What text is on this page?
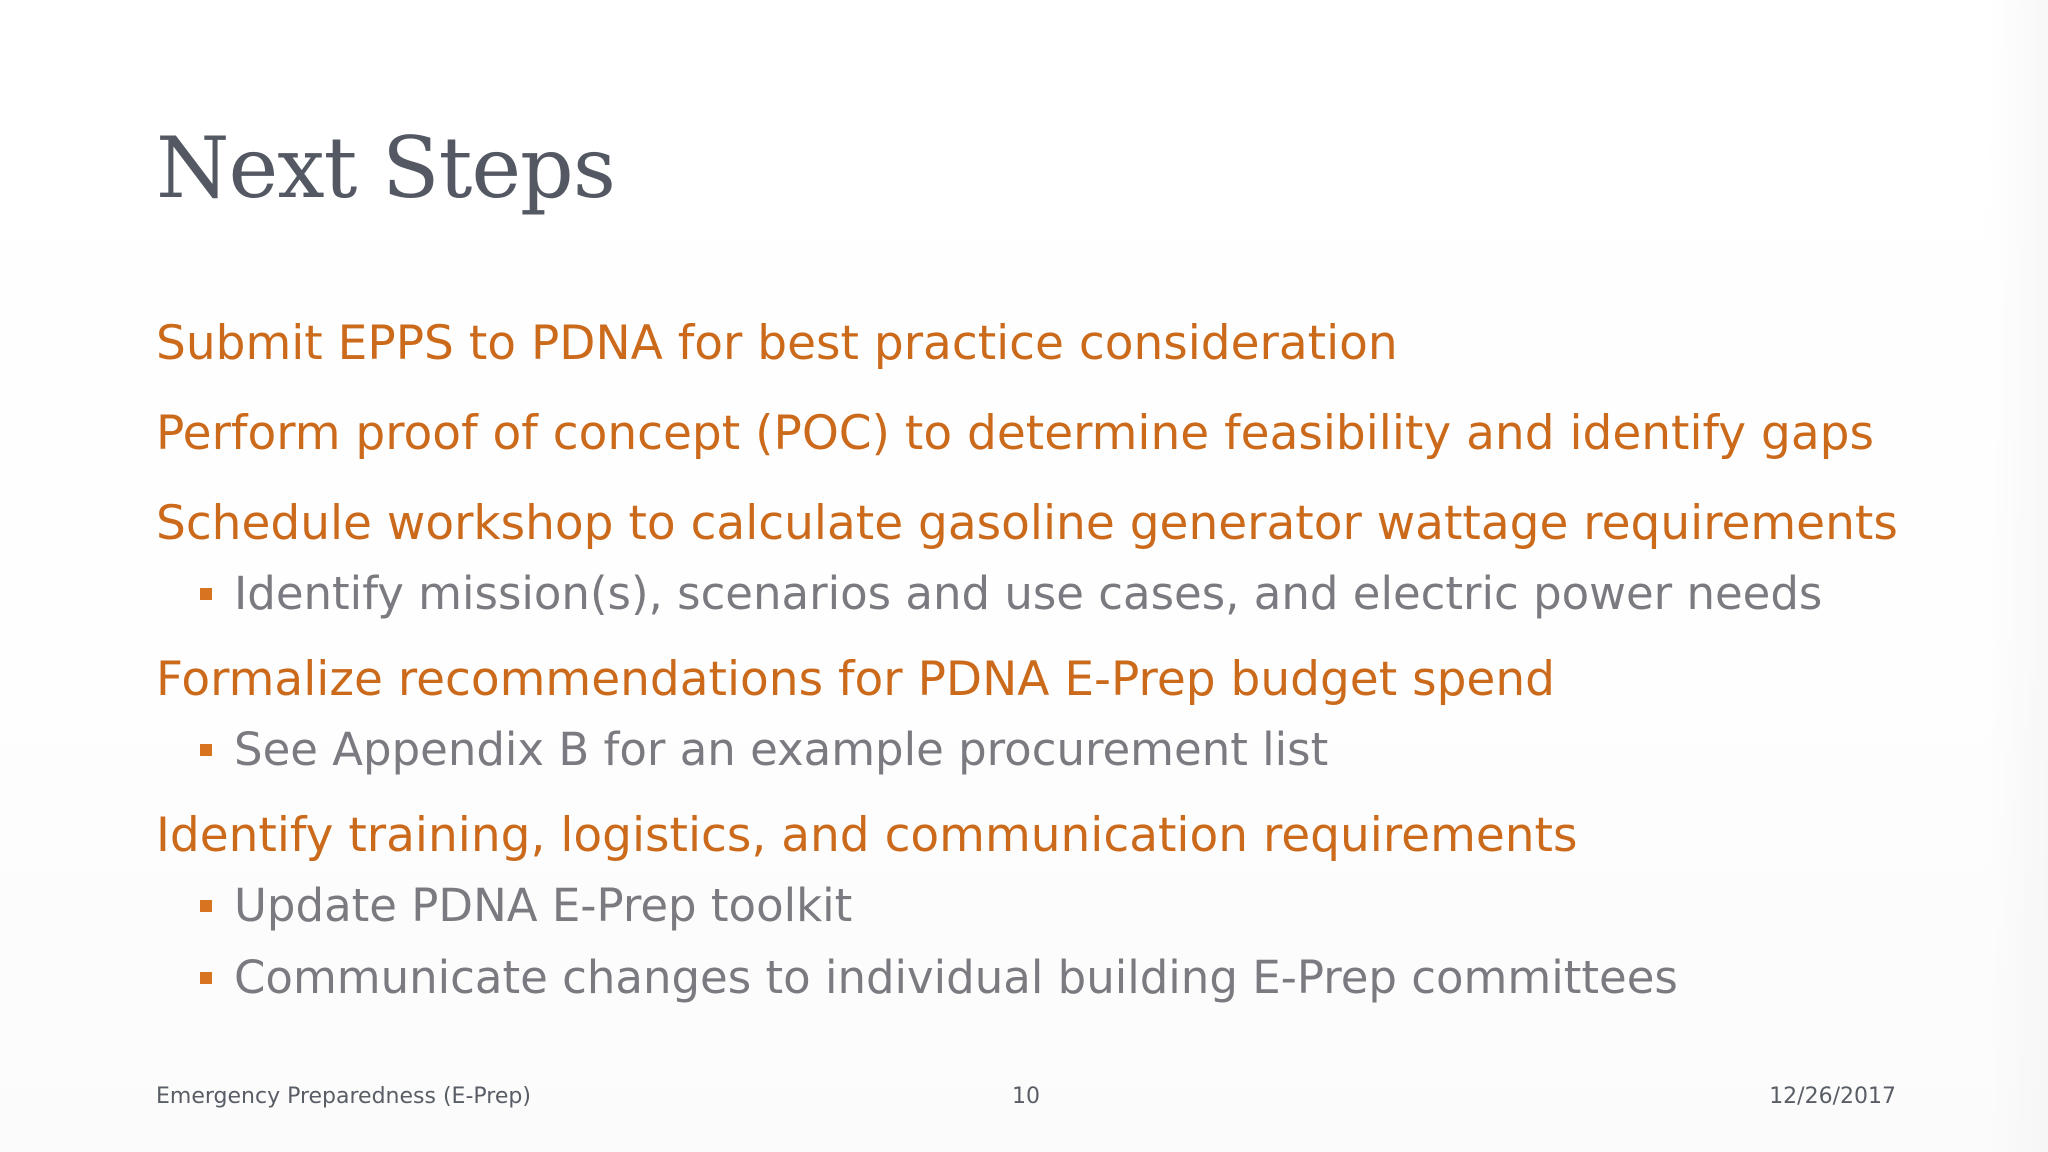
Next Steps

Submit EPPS to PDNA for best practice consideration

Perform proof of concept (POC) to determine feasibility and identify gaps

Schedule workshop to calculate gasoline generator wattage requirements

Identify mission(s), scenarios and use cases, and electric power needs

Formalize recommendations for PDNA E-Prep budget spend

See Appendix B for an example procurement list

Identify training, logistics, and communication requirements

Update PDNA E-Prep toolkit
Communicate changes to individual building E-Prep committees
Emergency Preparedness (E-Prep)	10	12/26/2017
